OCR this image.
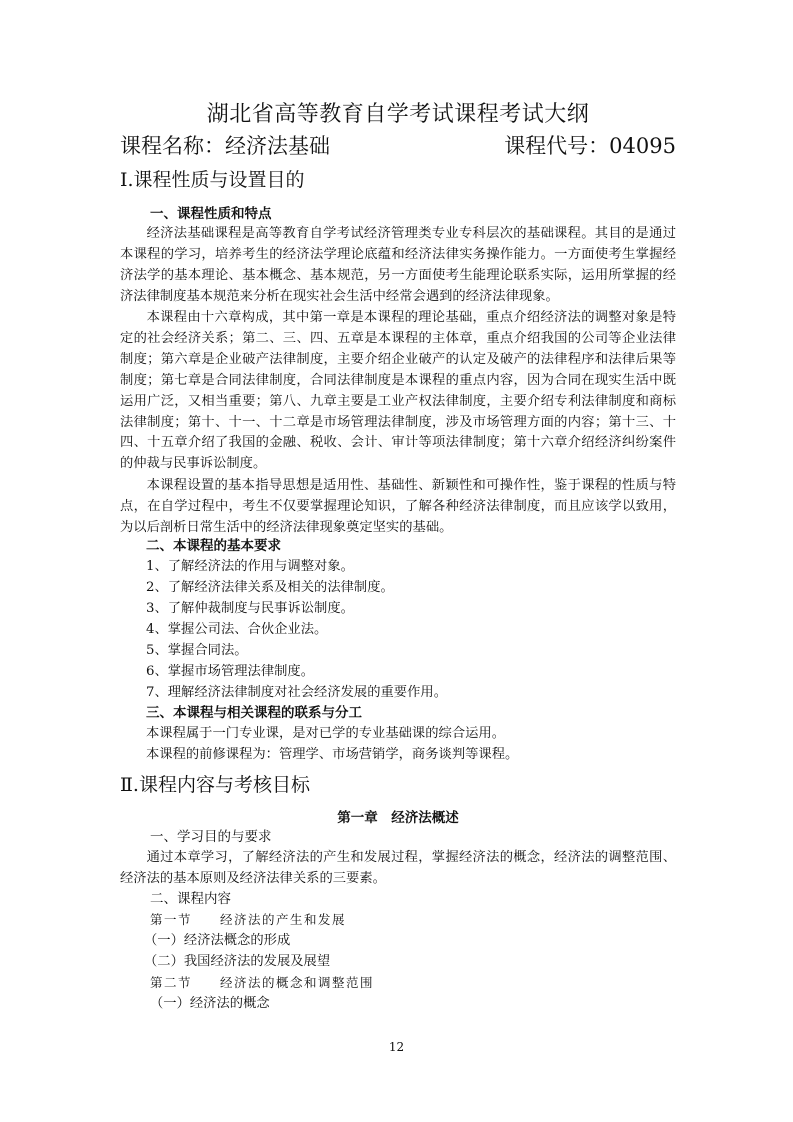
湖北省高等教育自学考试课程考试大纲
课程名称：经济法基础	课程代号：04095
Ⅰ.课程性质与设置目的
一、课程性质和特点
经济法基础课程是高等教育自学考试经济管理类专业专科层次的基础课程。其目的是通过本课程的学习，培养考生的经济法学理论底蕴和经济法律实务操作能力。一方面使考生掌握经济法学的基本理论、基本概念、基本规范，另一方面使考生能理论联系实际，运用所掌握的经济法律制度基本规范来分析在现实社会生活中经常会遇到的经济法律现象。
本课程由十六章构成，其中第一章是本课程的理论基础，重点介绍经济法的调整对象是特定的社会经济关系；第二、三、四、五章是本课程的主体章，重点介绍我国的公司等企业法律制度；第六章是企业破产法律制度，主要介绍企业破产的认定及破产的法律程序和法律后果等制度；第七章是合同法律制度，合同法律制度是本课程的重点内容，因为合同在现实生活中既运用广泛，又相当重要；第八、九章主要是工业产权法律制度，主要介绍专利法律制度和商标法律制度；第十、十一、十二章是市场管理法律制度，涉及市场管理方面的内容；第十三、十四、十五章介绍了我国的金融、税收、会计、审计等项法律制度；第十六章介绍经济纠纷案件的仲裁与民事诉讼制度。
本课程设置的基本指导思想是适用性、基础性、新颖性和可操作性，鉴于课程的性质与特点，在自学过程中，考生不仅要掌握理论知识，了解各种经济法律制度，而且应该学以致用，为以后剖析日常生活中的经济法律现象奠定坚实的基础。
二、本课程的基本要求
1、了解经济法的作用与调整对象。
2、了解经济法律关系及相关的法律制度。
3、了解仲裁制度与民事诉讼制度。
4、掌握公司法、合伙企业法。
5、掌握合同法。
6、掌握市场管理法律制度。
7、理解经济法律制度对社会经济发展的重要作用。
三、本课程与相关课程的联系与分工
本课程属于一门专业课，是对已学的专业基础课的综合运用。
本课程的前修课程为：管理学、市场营销学，商务谈判等课程。
Ⅱ.课程内容与考核目标
第一章　经济法概述
一、学习目的与要求
通过本章学习，了解经济法的产生和发展过程，掌握经济法的概念，经济法的调整范围、经济法的基本原则及经济法律关系的三要素。
二、课程内容
第一节　　经济法的产生和发展
（一）经济法概念的形成
（二）我国经济法的发展及展望
第二节　　经济法的概念和调整范围
（一）经济法的概念
12
